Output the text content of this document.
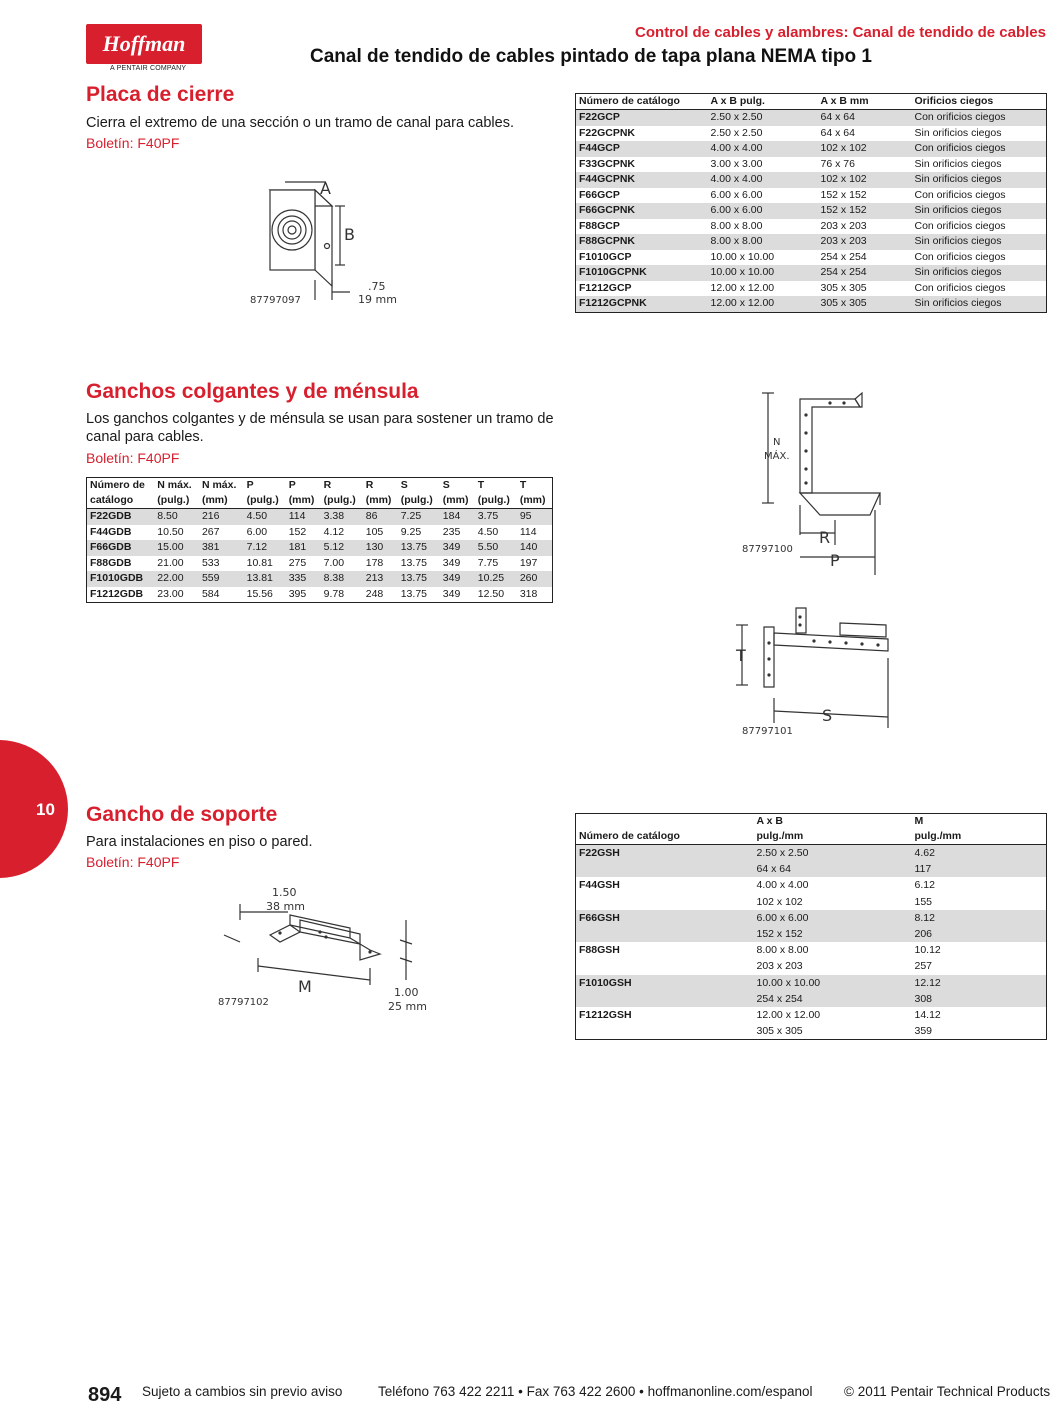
Hoffman
A PENTAIR COMPANY
Control de cables y alambres: Canal de tendido de cables
Canal de tendido de cables pintado de tapa plana NEMA tipo 1
Placa de cierre
Cierra el extremo de una sección o un tramo de canal para cables.
Boletín: F40PF
A
B
.75
19 mm
87797097
Número de catálogo	A x B pulg.	A x B mm	Orificios ciegos
F22GCP	2.50 x 2.50	64 x 64	Con orificios ciegos
F22GCPNK	2.50 x 2.50	64 x 64	Sin orificios ciegos
F44GCP	4.00 x 4.00	102 x 102	Con orificios ciegos
F33GCPNK	3.00 x 3.00	76 x 76	Sin orificios ciegos
F44GCPNK	4.00 x 4.00	102 x 102	Sin orificios ciegos
F66GCP	6.00 x 6.00	152 x 152	Con orificios ciegos
F66GCPNK	6.00 x 6.00	152 x 152	Sin orificios ciegos
F88GCP	8.00 x 8.00	203 x 203	Con orificios ciegos
F88GCPNK	8.00 x 8.00	203 x 203	Sin orificios ciegos
F1010GCP	10.00 x 10.00	254 x 254	Con orificios ciegos
F1010GCPNK	10.00 x 10.00	254 x 254	Sin orificios ciegos
F1212GCP	12.00 x 12.00	305 x 305	Con orificios ciegos
F1212GCPNK	12.00 x 12.00	305 x 305	Sin orificios ciegos
Ganchos colgantes y de ménsula
Los ganchos colgantes y de ménsula se usan para sostener un tramo de
canal para cables.
Boletín: F40PF
Número de	N máx.	N máx.	P	P	R	R	S	S	T	T
catálogo	(pulg.)	(mm)	(pulg.)	(mm)	(pulg.)	(mm)	(pulg.)	(mm)	(pulg.)	(mm)
F22GDB	8.50	216	4.50	114	3.38	86	7.25	184	3.75	95
F44GDB	10.50	267	6.00	152	4.12	105	9.25	235	4.50	114
F66GDB	15.00	381	7.12	181	5.12	130	13.75	349	5.50	140
F88GDB	21.00	533	10.81	275	7.00	178	13.75	349	7.75	197
F1010GDB	22.00	559	13.81	335	8.38	213	13.75	349	10.25	260
F1212GDB	23.00	584	15.56	395	9.78	248	13.75	349	12.50	318
N
MÁX.
R
P
87797100
T
S
87797101
10 Gancho de soporte
Para instalaciones en piso o pared.
Boletín: F40PF
1.50
38 mm
M	1.00
25 mm
87797102
	A x B	M
Número de catálogo	pulg./mm	pulg./mm
F22GSH	2.50 x 2.50	4.62
	64 x 64	117
F44GSH	4.00 x 4.00	6.12
	102 x 102	155
F66GSH	6.00 x 6.00	8.12
	152 x 152	206
F88GSH	8.00 x 8.00	10.12
	203 x 203	257
F1010GSH	10.00 x 10.00	12.12
	254 x 254	308
F1212GSH	12.00 x 12.00	14.12
	305 x 305	359
894 Sujeto a cambios sin previo aviso	Teléfono 763 422 2211 • Fax 763 422 2600 • hoffmanonline.com/espanol © 2011 Pentair Technical Products
